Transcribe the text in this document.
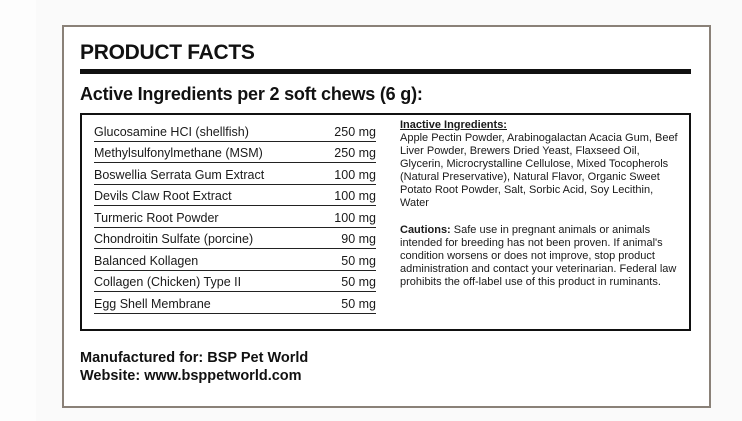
PRODUCT FACTS
Active Ingredients per 2 soft chews (6 g):
Glucosamine HCI (shellfish)	250 mg
Methylsulfonylmethane (MSM)	250 mg
Boswellia Serrata Gum Extract	100 mg
Devils Claw Root Extract	100 mg
Turmeric Root Powder	100 mg
Chondroitin Sulfate (porcine)	90 mg
Balanced Kollagen	50 mg
Collagen (Chicken) Type II	50 mg
Egg Shell Membrane	50 mg
Inactive Ingredients:
Apple Pectin Powder, Arabinogalactan Acacia Gum, Beef Liver Powder, Brewers Dried Yeast, Flaxseed Oil, Glycerin, Microcrystalline Cellulose, Mixed Tocopherols (Natural Preservative), Natural Flavor, Organic Sweet Potato Root Powder, Salt, Sorbic Acid, Soy Lecithin, Water
Cautions: Safe use in pregnant animals or animals intended for breeding has not been proven. If animal's condition worsens or does not improve, stop product administration and contact your veterinarian. Federal law prohibits the off-label use of this product in ruminants.
Manufactured for: BSP Pet World
Website: www.bsppetworld.com
